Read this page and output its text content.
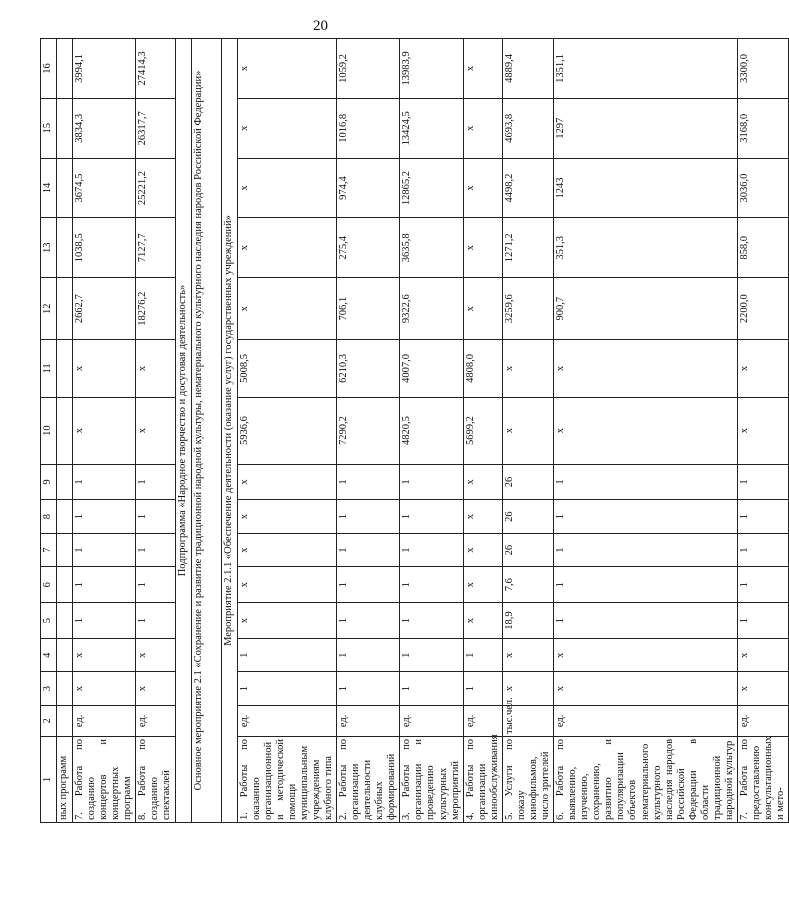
20
1	2	3	4	5	6	7	8	9	10	11	12	13	14	15	16
ных программ															
7. Работа по созданию концертов и концертных программ	ед.	х	х	1	1	1	1	1	х	х	2662,7	1038,5	3674,5	3834,3	3994,1
8. Работа по созданию спектаклей	ед.	х	х	1	1	1	1	1	х	х	18276,2	7127,7	25221,2	26317,7	27414,3
Подпрограмма «Народное творчество и досуговая деятельность»															
Основное мероприятие 2.1 «Сохранение и развитие традиционной народной культуры, нематериального культурного наследия народов Российской Федерации»															
Мероприятие 2.1.1 «Обеспечение деятельности (оказание услуг) государственных учреждений»															
1. Работы по оказанию организационной и методической помощи муниципальным учреждениям клубного типа	ед.	1	1	х	х	х	х	х	5936,6	5008,5	х	х	х	х	х
2. Работы по организации деятельности клубных формирований	ед.	1	1	1	1	1	1	1	7290,2	6210,3	706,1	275,4	974,4	1016,8	1059,2
3. Работы по организации и проведению культурных мероприятий	ед.	1	1	1	1	1	1	1	4820,5	4007,0	9322,6	3635,8	12865,2	13424,5	13983,9
4. Работы по организации кинообслуживания	ед.	1	1	х	х	х	х	х	5699,2	4808,0	х	х	х	х	х
5. Услуги по показу кинофильмов, число зрителей	тыс.чел.	х	х	18,9	7,6	26	26	26	х	х	3259,6	1271,2	4498,2	4693,8	4889,4
6. Работа по выявлению, изучению, сохранению, развитию и популяризации объектов нематериального культурного наследия народов Российской Федерации в области традиционной народной культур	ед.	х	х	1	1	1	1	1	х	х	900,7	351,3	1243	1297	1351,1
7. Работа по предоставлению консультационных и мето-	ед.	х	х	1	1	1	1	1	х	х	2200,0	858,0	3036,0	3168,0	3300,0
